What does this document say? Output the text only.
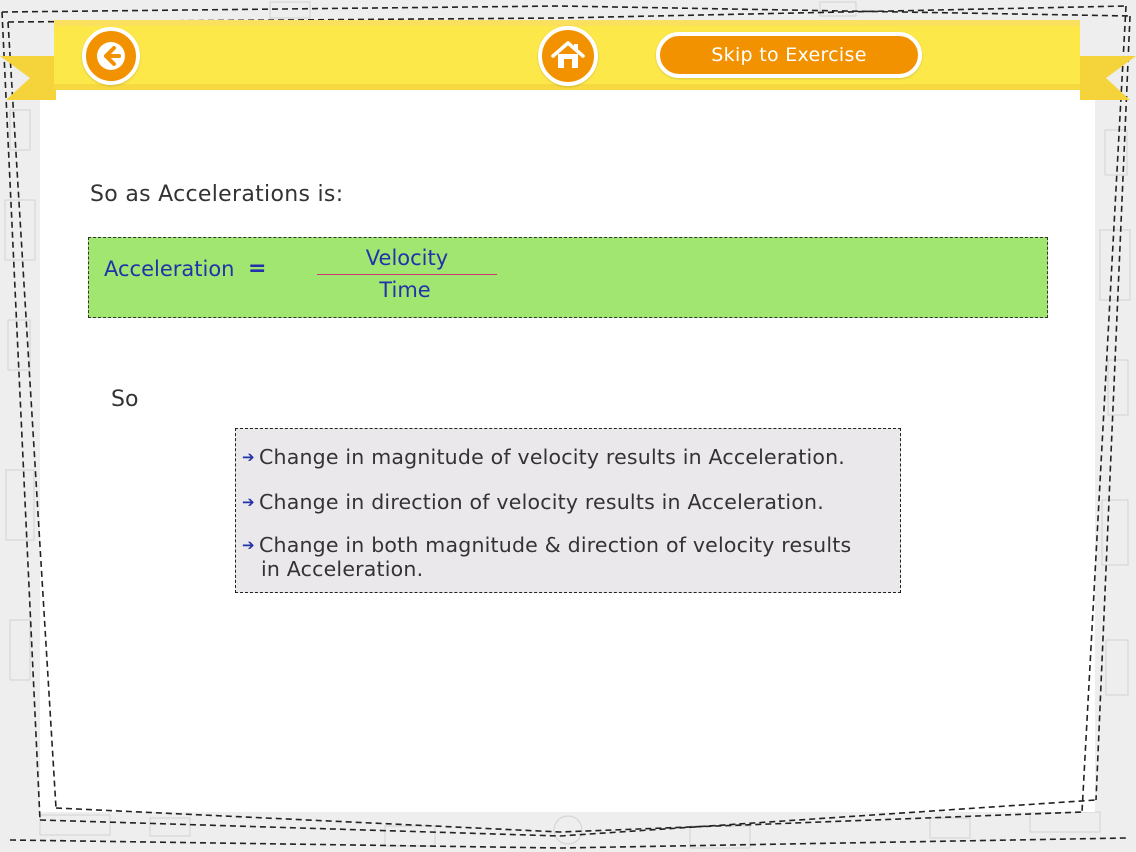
Skip to Exercise
So as Accelerations is:
Acceleration =	Velocity
Time
So
➔ Change in magnitude of velocity results in Acceleration.
➔ Change in direction of velocity results in Acceleration.
➔ Change in both magnitude & direction of velocity results
in Acceleration.
